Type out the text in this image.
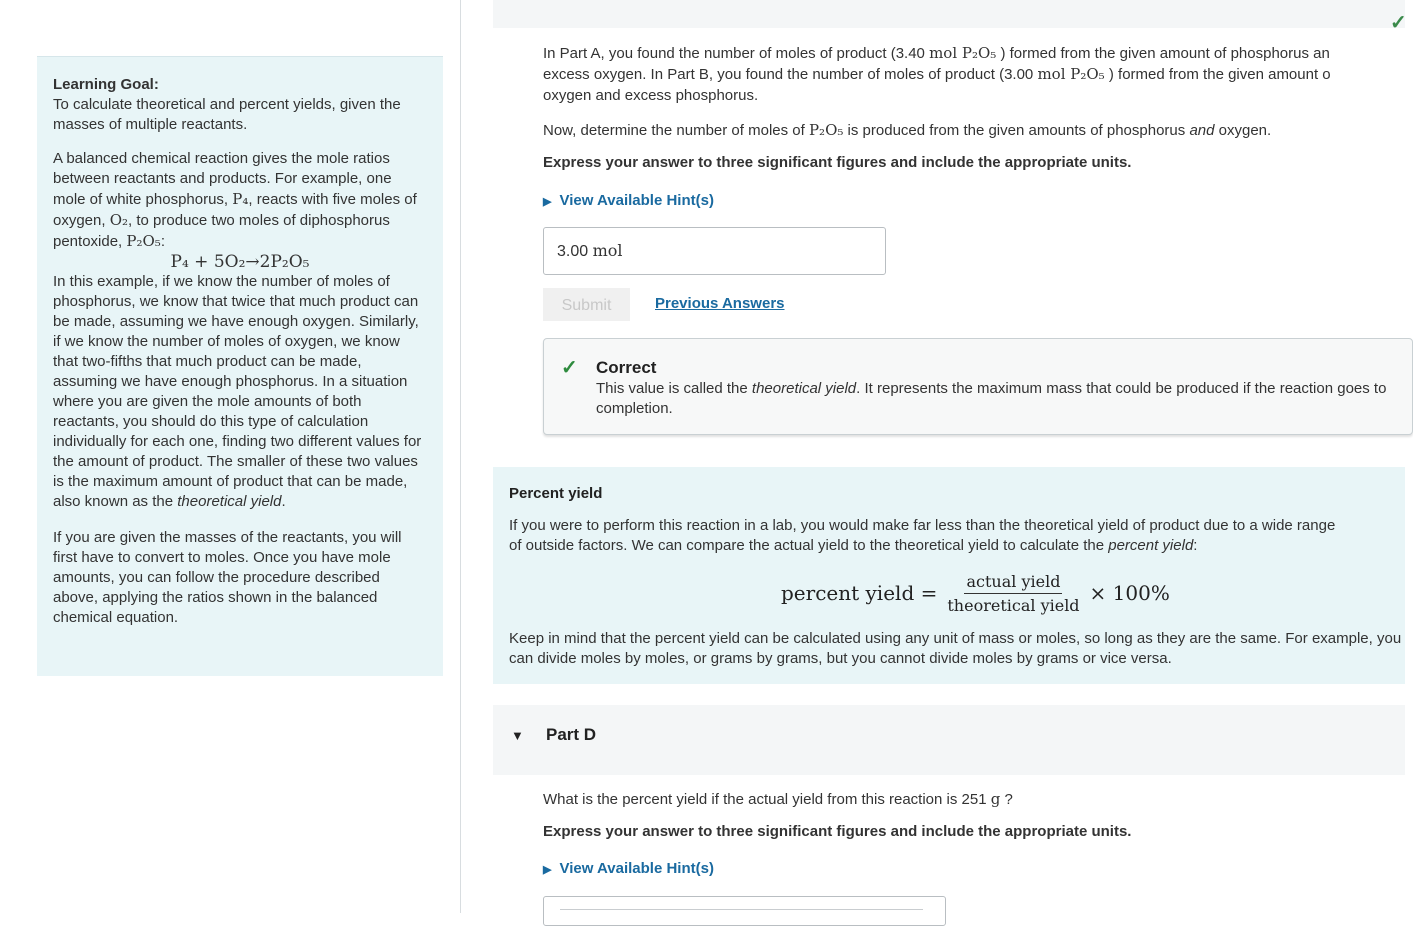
Learning Goal:

To calculate theoretical and percent yields, given the masses of multiple reactants.

A balanced chemical reaction gives the mole ratios between reactants and products. For example, one mole of white phosphorus, P₄, reacts with five moles of oxygen, O₂, to produce two moles of diphosphorus pentoxide, P₂O₅:

P₄ + 5O₂→2P₂O₅

In this example, if we know the number of moles of phosphorus, we know that twice that much product can be made, assuming we have enough oxygen. Similarly, if we know the number of moles of oxygen, we know that two-fifths that much product can be made, assuming we have enough phosphorus. In a situation where you are given the mole amounts of both reactants, you should do this type of calculation individually for each one, finding two different values for the amount of product. The smaller of these two values is the maximum amount of product that can be made, also known as the theoretical yield.

If you are given the masses of the reactants, you will first have to convert to moles. Once you have mole amounts, you can follow the procedure described above, applying the ratios shown in the balanced chemical equation.

✓
In Part A, you found the number of moles of product (3.40 mol P₂O₅ ) formed from the given amount of phosphorus an
excess oxygen. In Part B, you found the number of moles of product (3.00 mol P₂O₅ ) formed from the given amount o
oxygen and excess phosphorus.
Now, determine the number of moles of P₂O₅ is produced from the given amounts of phosphorus and oxygen.
Express your answer to three significant figures and include the appropriate units.
▶ View Available Hint(s)
3.00 mol
Submit	Previous Answers
✓ Correct
This value is called the theoretical yield. It represents the maximum mass that could be produced if the reaction goes to completion.
Percent yield
If you were to perform this reaction in a lab, you would make far less than the theoretical yield of product due to a wide range
of outside factors. We can compare the actual yield to the theoretical yield to calculate the percent yield:
percent yield = $\frac{\text{actual yield}}{\text{theoretical yield}} \times 100\%$
Keep in mind that the percent yield can be calculated using any unit of mass or moles, so long as they are the same. For example, you can divide moles by moles, or grams by grams, but you cannot divide moles by grams or vice versa.
▼ Part D
What is the percent yield if the actual yield from this reaction is 251 g ?
Express your answer to three significant figures and include the appropriate units.
▶ View Available Hint(s)
